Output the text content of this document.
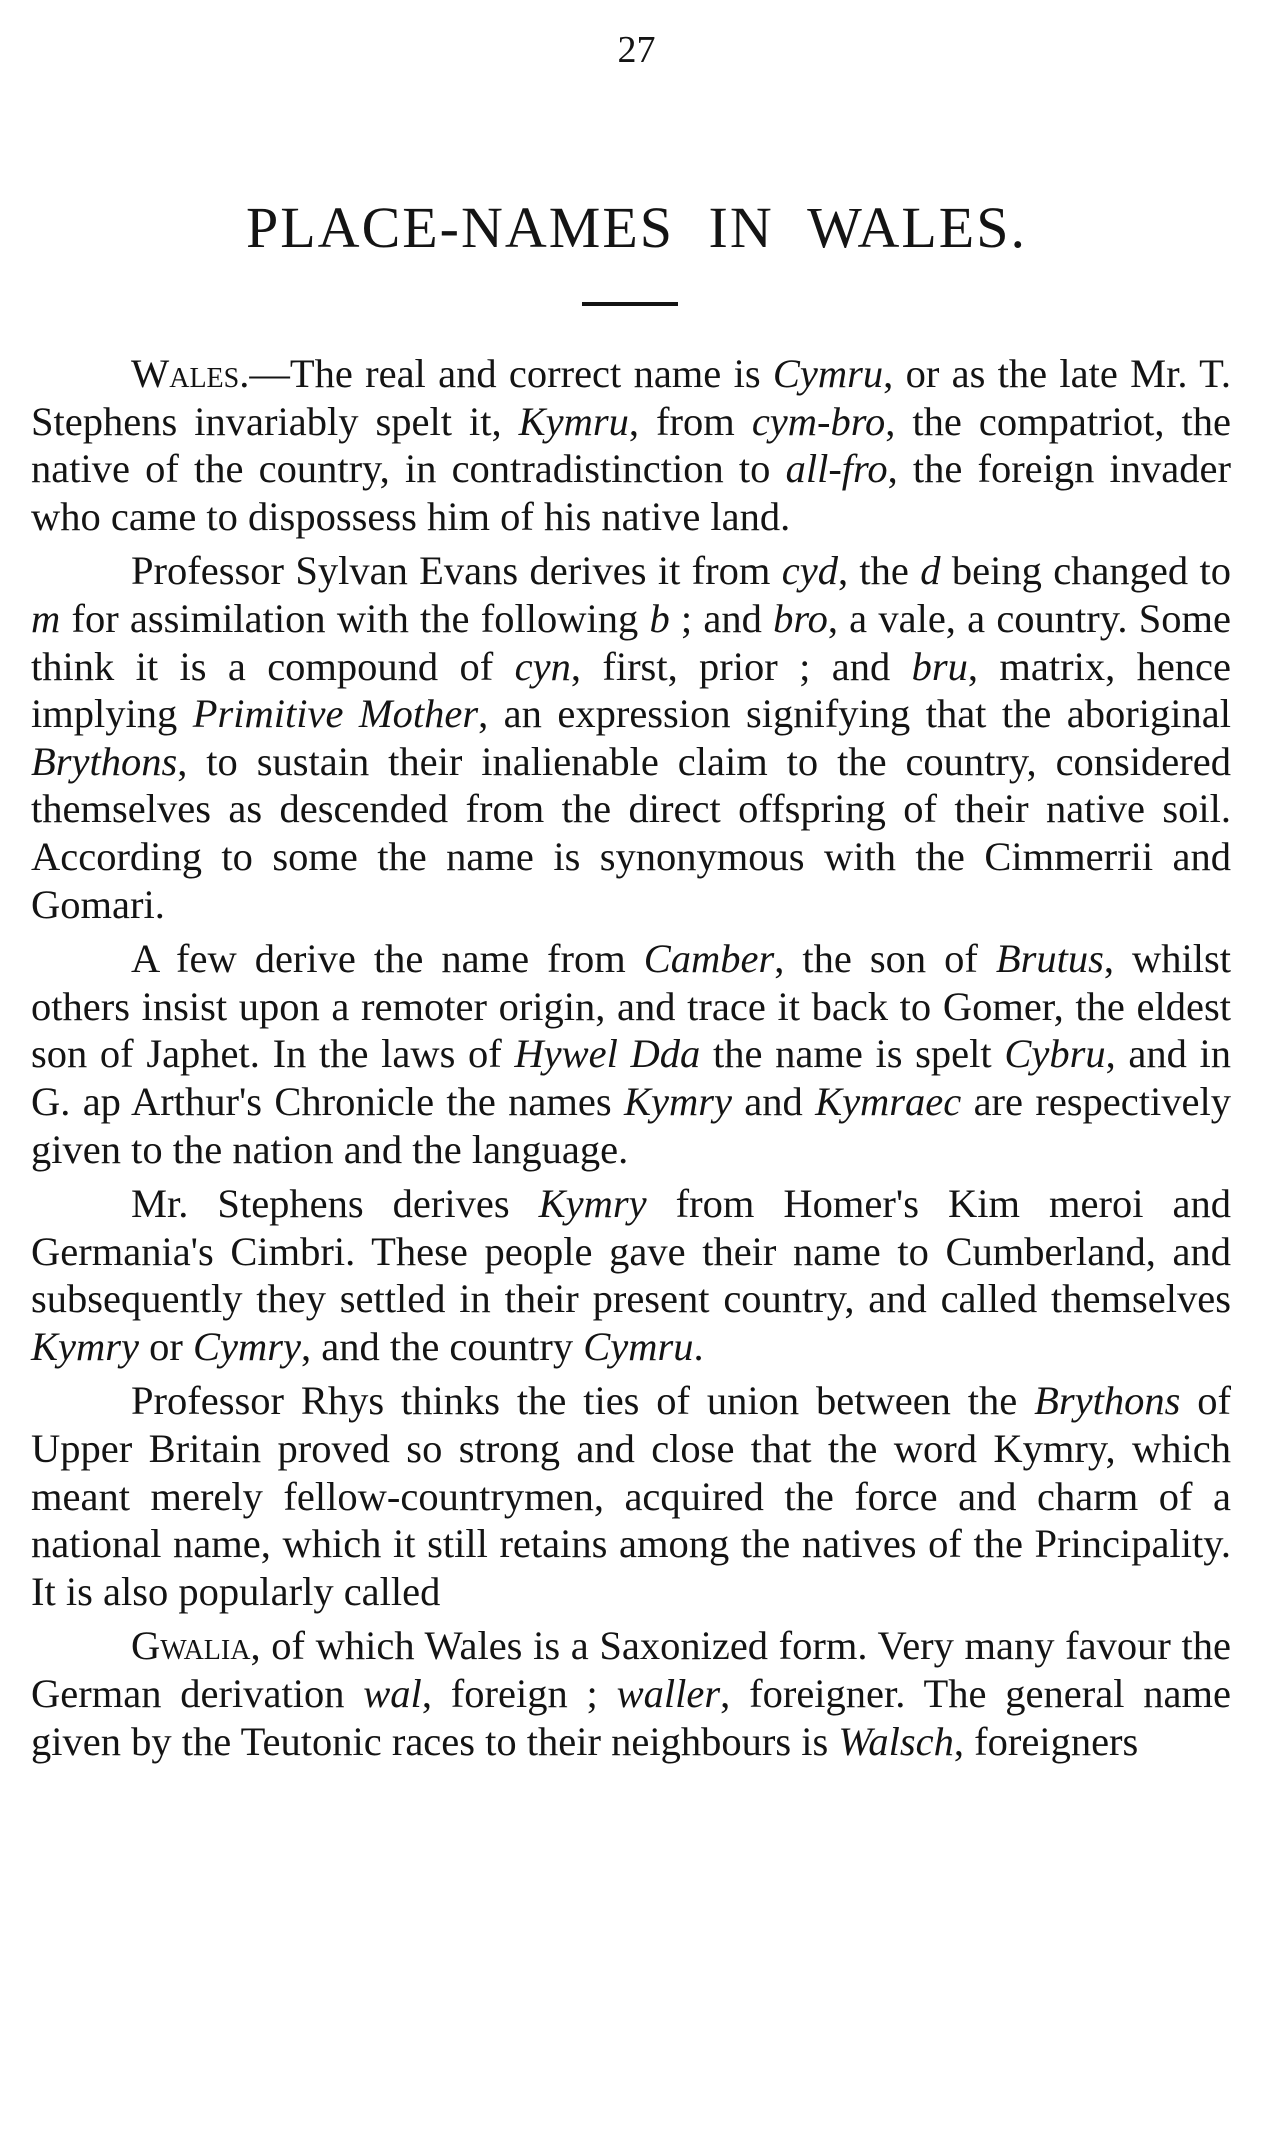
27
PLACE-NAMES IN WALES.

Wales.—The real and correct name is Cymru, or as the late Mr. T. Stephens invariably spelt it, Kymru, from cym-bro, the compatriot, the native of the country, in contradistinction to all-fro, the foreign invader who came to dispossess him of his native land.

Professor Sylvan Evans derives it from cyd, the d being changed to m for assimilation with the following b ; and bro, a vale, a country. Some think it is a compound of cyn, first, prior ; and bru, matrix, hence implying Primitive Mother, an expression signifying that the aboriginal Brythons, to sustain their inalienable claim to the country, considered themselves as descended from the direct offspring of their native soil. According to some the name is synonymous with the Cimmerrii and Gomari.

A few derive the name from Camber, the son of Brutus, whilst others insist upon a remoter origin, and trace it back to Gomer, the eldest son of Japhet. In the laws of Hywel Dda the name is spelt Cybru, and in G. ap Arthur's Chronicle the names Kymry and Kymraec are respectively given to the nation and the language.

Mr. Stephens derives Kymry from Homer's Kim meroi and Germania's Cimbri. These people gave their name to Cumberland, and subsequently they settled in their present country, and called themselves Kymry or Cymry, and the country Cymru.

Professor Rhys thinks the ties of union between the Brythons of Upper Britain proved so strong and close that the word Kymry, which meant merely fellow-countrymen, acquired the force and charm of a national name, which it still retains among the natives of the Principality. It is also popularly called

Gwalia, of which Wales is a Saxonized form. Very many favour the German derivation wal, foreign ; waller, foreigner. The general name given by the Teutonic races to their neighbours is Walsch, foreigners
